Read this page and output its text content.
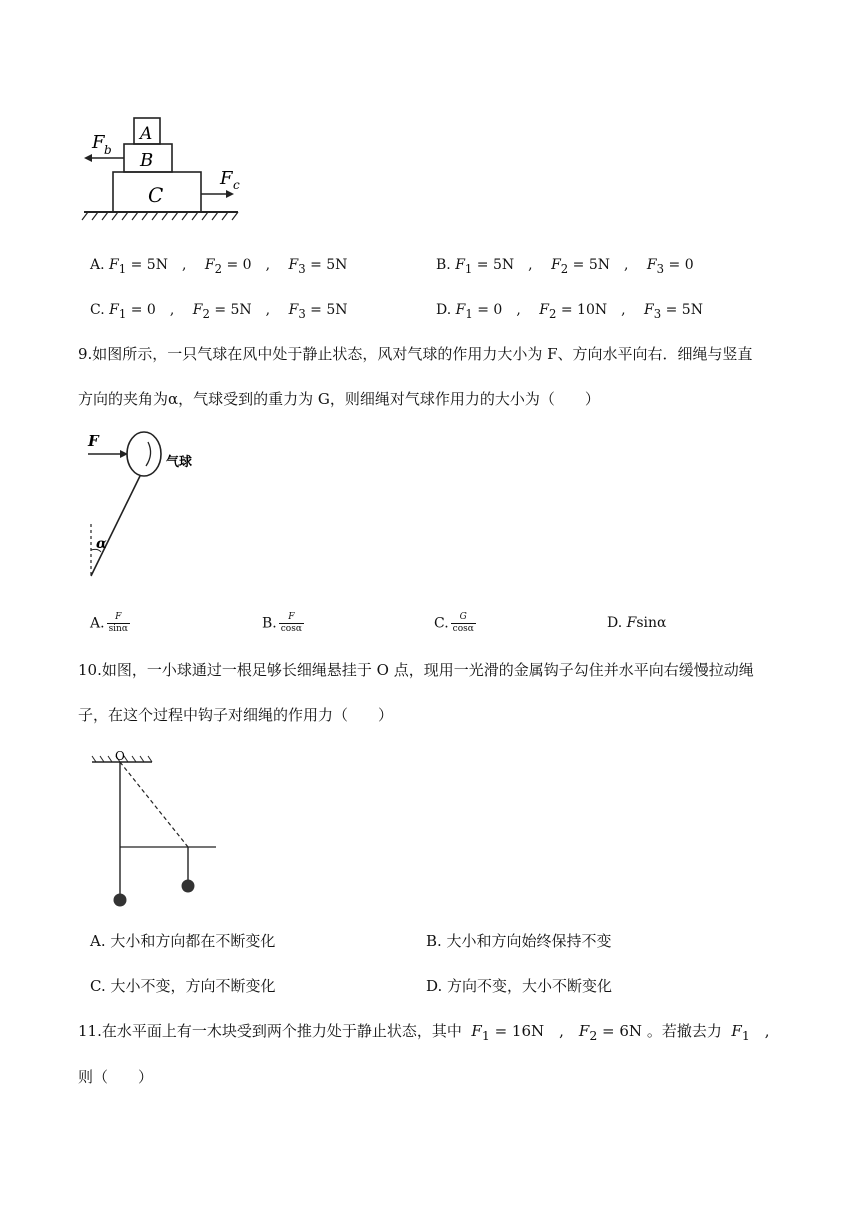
A
B
C
F b
F c
A. $F_1 = 5N$　,　 $F_2 = 0$　,　 $F_3 = 5N$	B. $F_1 = 5N$　,　 $F_2 = 5N$　,　 $F_3 = 0$
C. $F_1 = 0$　,　 $F_2 = 5N$　,　 $F_3 = 5N$	D. $F_1 = 0$　,　 $F_2 = 10N$　,　 $F_3 = 5N$
9.如图所示，一只气球在风中处于静止状态，风对气球的作用力大小为 F、方向水平向右．细绳与竖直
方向的夹角为α，气球受到的重力为 G，则细绳对气球作用力的大小为（　　）
F
α
气球
A. $\frac{F}{\sin\alpha}$	B. $\frac{F}{\cos\alpha}$	C. $\frac{G}{\cos\alpha}$	D. Fsinα
10.如图，一小球通过一根足够长细绳悬挂于 O 点，现用一光滑的金属钩子勾住并水平向右缓慢拉动绳
子，在这个过程中钩子对细绳的作用力（　　）
O
A. 大小和方向都在不断变化	B. 大小和方向始终保持不变
C. 大小不变，方向不断变化	D. 方向不变，大小不断变化
11.在水平面上有一木块受到两个推力处于静止状态，其中 $F_1 = 16N$　,　$F_2 = 6N$ 。若撤去力 $F_1$　,
则（　　）
